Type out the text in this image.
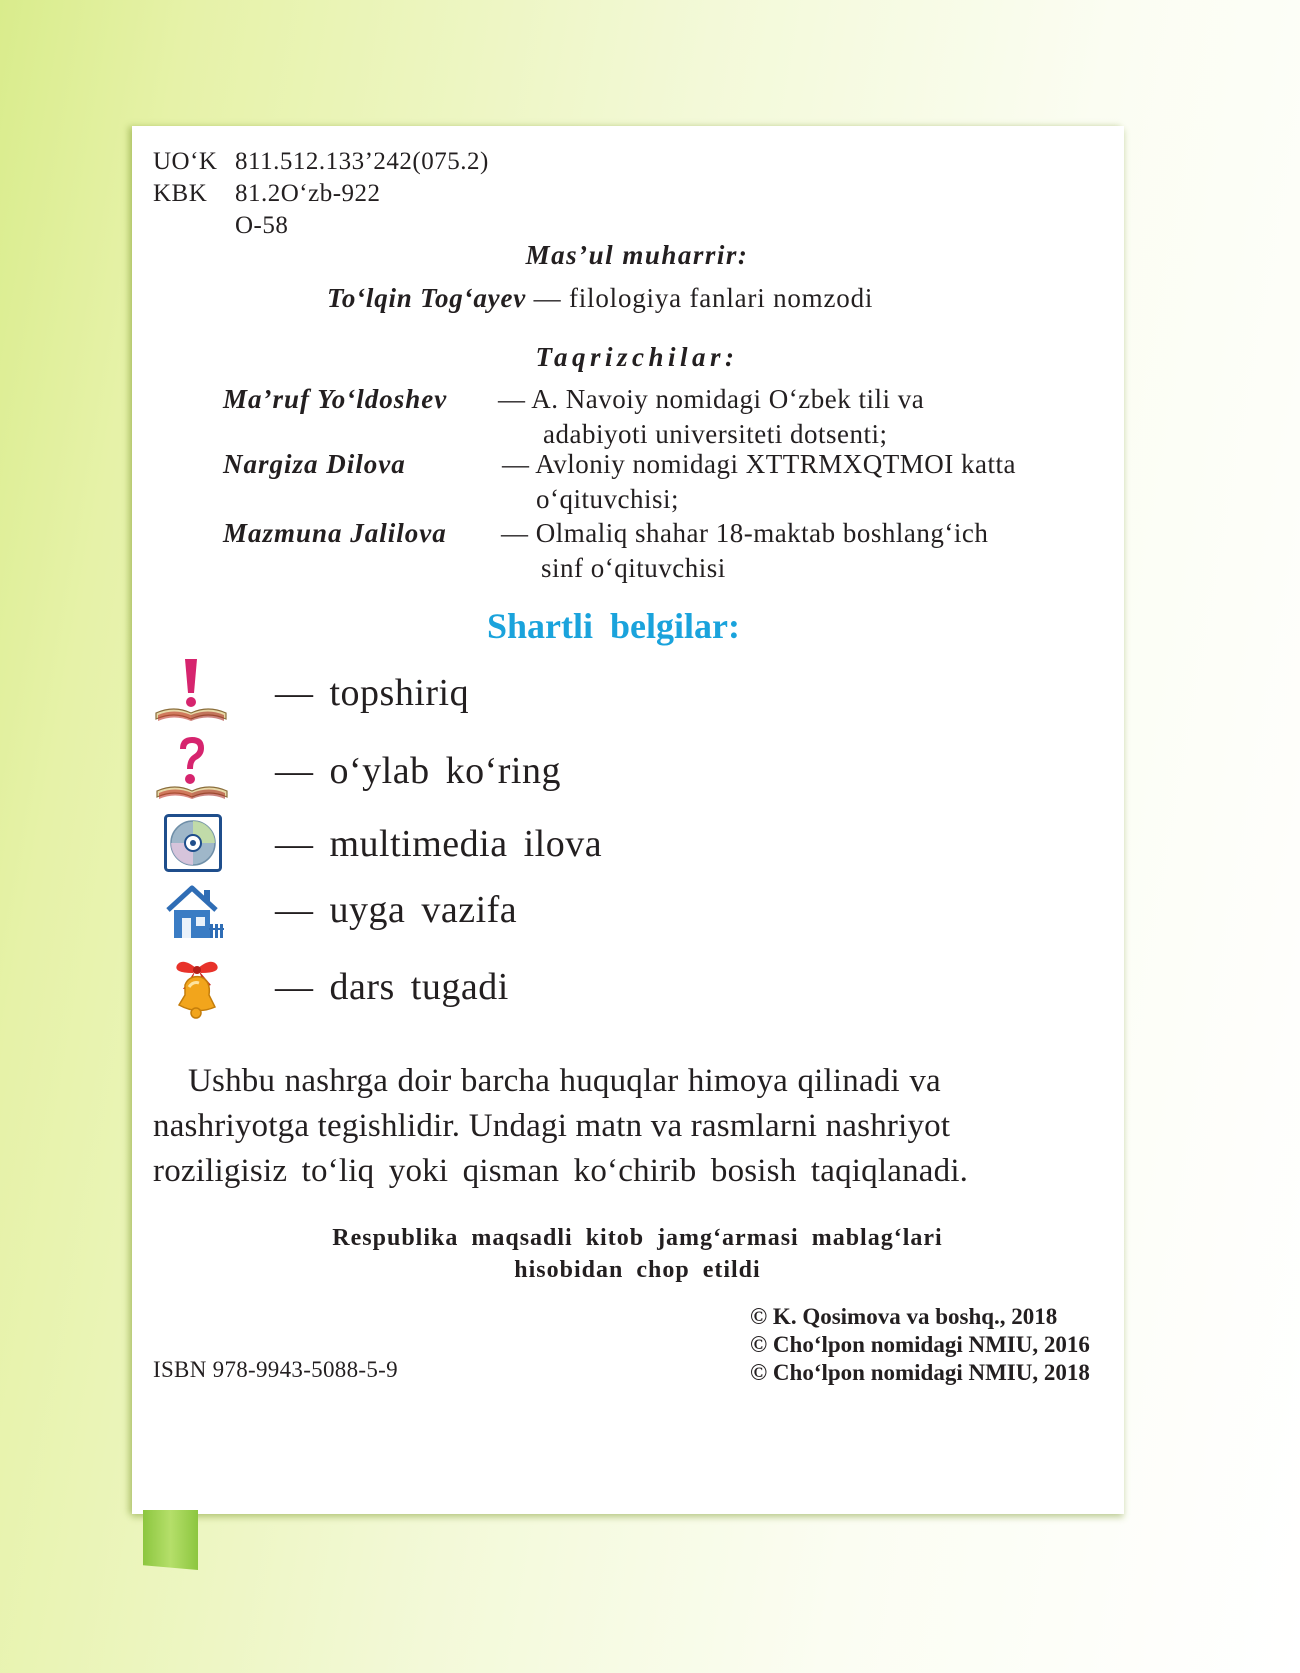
UO‘K 811.512.133’242(075.2)
KBK 81.2O‘zb-922
O-58
Mas’ul muharrir:
To‘lqin Tog‘ayev — filologiya fanlari nomzodi
Taqrizchilar:
Ma’ruf Yo‘ldoshev — A. Navoiy nomidagi O‘zbek tili va
adabiyoti universiteti dotsenti;
Nargiza Dilova	— Avloniy nomidagi XTTRMXQTMOI katta
o‘qituvchisi;
Mazmuna Jalilova — Olmaliq shahar 18-maktab boshlang‘ich
sinf o‘qituvchisi
Shartli belgilar:
— topshiriq
— o‘ylab ko‘ring
— multimedia ilova
— uyga vazifa
— dars tugadi
Ushbu nashrga doir barcha huquqlar himoya qilinadi va
nashriyotga tegishlidir. Undagi matn va rasmlarni nashriyot
roziligisiz to‘liq yoki qisman ko‘chirib bosish taqiqlanadi.
Respublika maqsadli kitob jamg‘armasi mablag‘lari
hisobidan chop etildi
© K. Qosimova va boshq., 2018
© Cho‘lpon nomidagi NMIU, 2016
© Cho‘lpon nomidagi NMIU, 2018
ISBN 978-9943-5088-5-9
